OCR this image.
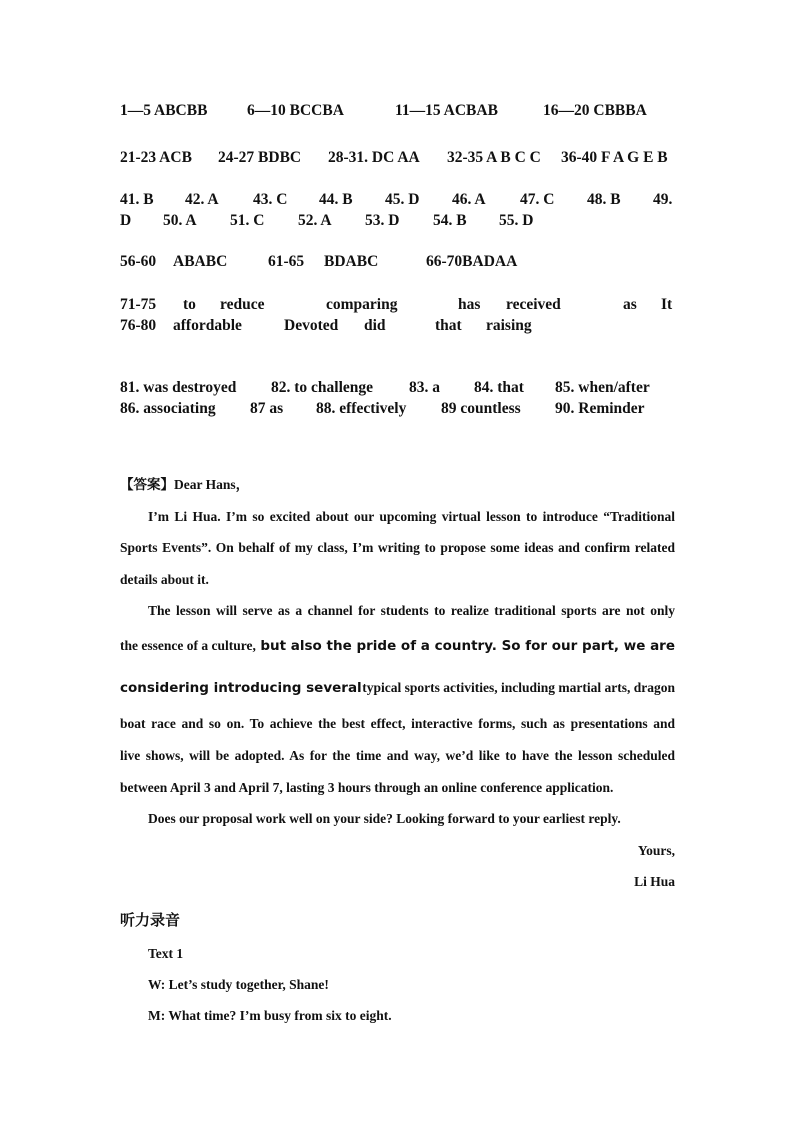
1—5 ABCBB	6—10 BCCBA	11—15 ACBAB	16—20 CBBBA
21-23 ACB 24-27 BDBC 28-31. DC AA 32-35 A B C C 36-40 F A G E B
41. B 42. A 43. C 44. B 45. D 46. A 47. C 48. B 49.
D 50. A 51. C 52. A 53. D 54. B 55. D
56-60 ABABC	61-65 BDABC	66-70BADAA
71-75 to reduce	comparing	has received	as It
76-80 affordable	Devoted did	that raising
81. was destroyed 82. to challenge 83. a 84. that 85. when/after
86. associating 87 as 88. effectively 89 countless 90. Reminder
【答案】Dear Hans，
I’m Li Hua. I’m so excited about our upcoming virtual lesson to introduce “Traditional
Sports Events”. On behalf of my class, I’m writing to propose some ideas and confirm related
details about it.
The lesson will serve as a channel for students to realize traditional sports are not only
the essence of a culture, but also the pride of a country. So for our part, we are
considering introducing several typical sports activities, including martial arts, dragon
boat race and so on. To achieve the best effect, interactive forms, such as presentations and
live shows, will be adopted. As for the time and way, we’d like to have the lesson scheduled
between April 3 and April 7, lasting 3 hours through an online conference application.
Does our proposal work well on your side? Looking forward to your earliest reply.
Yours,
Li Hua
听力录音
Text 1
W: Let’s study together, Shane!
M: What time? I’m busy from six to eight.
